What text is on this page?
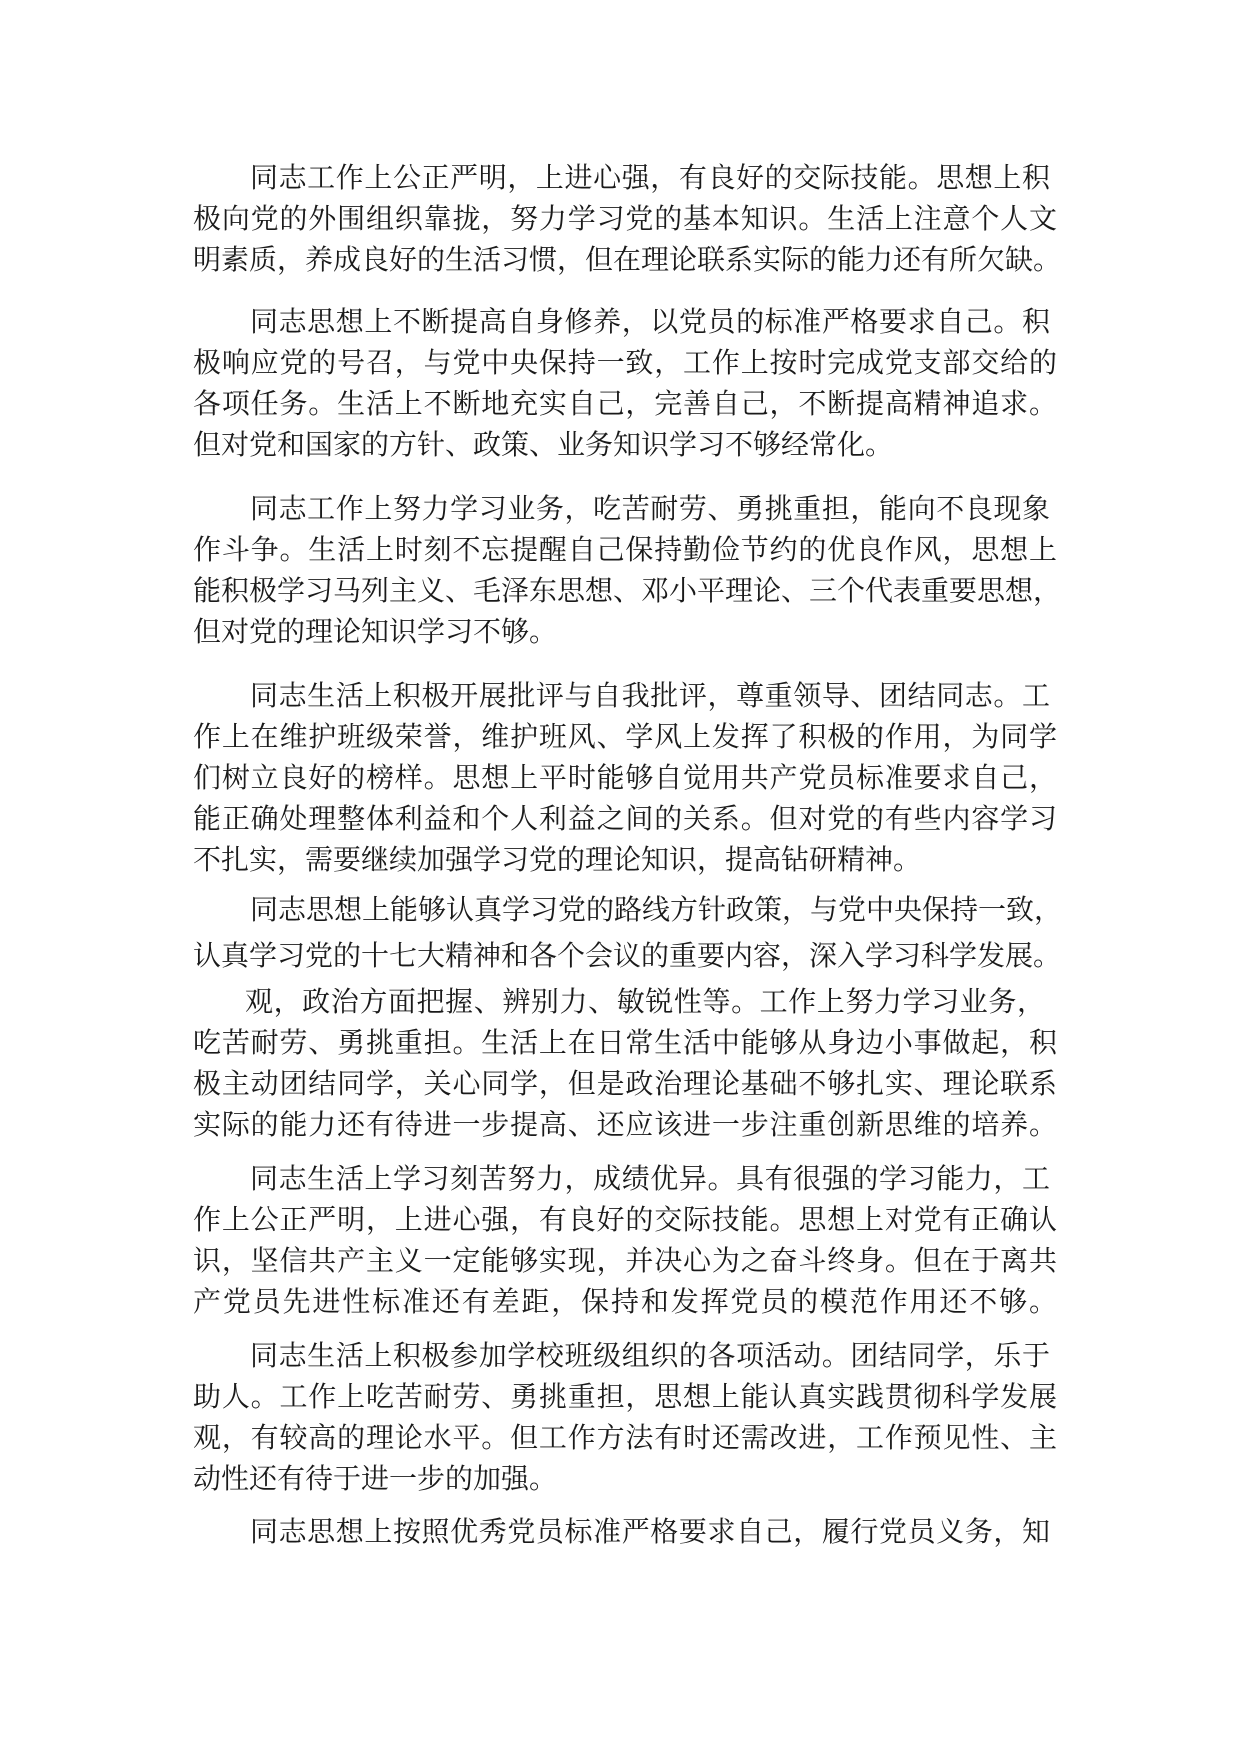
同志工作上公正严明，上进心强，有良好的交际技能。思想上积
极向党的外围组织靠拢，努力学习党的基本知识。生活上注意个人文
明素质，养成良好的生活习惯，但在理论联系实际的能力还有所欠缺。
同志思想上不断提高自身修养，以党员的标准严格要求自己。积
极响应党的号召，与党中央保持一致，工作上按时完成党支部交给的
各项任务。生活上不断地充实自己，完善自己，不断提高精神追求。
但对党和国家的方针、政策、业务知识学习不够经常化。
同志工作上努力学习业务，吃苦耐劳、勇挑重担，能向不良现象
作斗争。生活上时刻不忘提醒自己保持勤俭节约的优良作风，思想上
能积极学习马列主义、毛泽东思想、邓小平理论、三个代表重要思想，
但对党的理论知识学习不够。
同志生活上积极开展批评与自我批评，尊重领导、团结同志。工
作上在维护班级荣誉，维护班风、学风上发挥了积极的作用，为同学
们树立良好的榜样。思想上平时能够自觉用共产党员标准要求自己，
能正确处理整体利益和个人利益之间的关系。但对党的有些内容学习
不扎实，需要继续加强学习党的理论知识，提高钻研精神。
同志思想上能够认真学习党的路线方针政策，与党中央保持一致，
认真学习党的十七大精神和各个会议的重要内容，深入学习科学发展。
观，政治方面把握、辨别力、敏锐性等。工作上努力学习业务，
吃苦耐劳、勇挑重担。生活上在日常生活中能够从身边小事做起，积
极主动团结同学，关心同学，但是政治理论基础不够扎实、理论联系
实际的能力还有待进一步提高、还应该进一步注重创新思维的培养。
同志生活上学习刻苦努力，成绩优异。具有很强的学习能力，工
作上公正严明，上进心强，有良好的交际技能。思想上对党有正确认
识，坚信共产主义一定能够实现，并决心为之奋斗终身。但在于离共
产党员先进性标准还有差距，保持和发挥党员的模范作用还不够。
同志生活上积极参加学校班级组织的各项活动。团结同学，乐于
助人。工作上吃苦耐劳、勇挑重担，思想上能认真实践贯彻科学发展
观，有较高的理论水平。但工作方法有时还需改进，工作预见性、主
动性还有待于进一步的加强。
同志思想上按照优秀党员标准严格要求自己，履行党员义务，知
